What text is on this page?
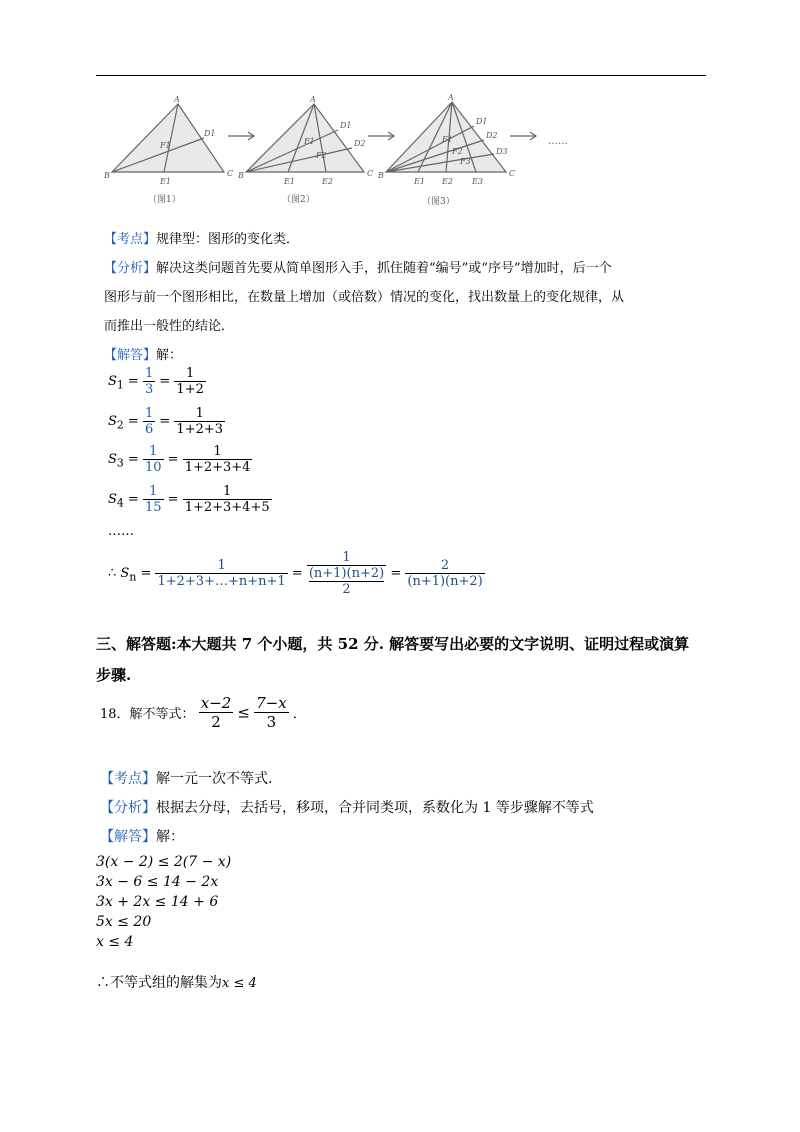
A
B	C
D1
E1
F1
A
B	C
D1
D2
E1	E2
F1
F2
A
B	C
D1
D2
D3
E1 E2 E3
F1
F2
F3
（图1）	（图2）	（图3）
……
【考点】规律型：图形的变化类．
【分析】解决这类问题首先要从简单图形入手，抓住随着“编号”或“序号”增加时，后一个
图形与前一个图形相比，在数量上增加（或倍数）情况的变化，找出数量上的变化规律，从
而推出一般性的结论．
【解答】解：
$S_1 = \frac{1}{3} = \frac{1}{1+2}$
$S_2 = \frac{1}{6} = \frac{1}{1+2+3}$
$S_3 = \frac{1}{10} = \frac{1}{1+2+3+4}$
$S_4 = \frac{1}{15} = \frac{1}{1+2+3+4+5}$
……
∴ $S_n = \frac{1}{1+2+3+\dots+n+n+1} = 1$
(n+1)(n+2)
$2 = \frac{2}{(n+1)(n+2)}$
三、解答题:本大题共 7 个小题，共 52 分. 解答要写出必要的文字说明、证明过程或演算
步骤.
18．解不等式： $\frac{x-2}{2} \le \frac{7-x}{3}$ ．
【考点】解一元一次不等式.
【分析】根据去分母，去括号，移项，合并同类项，系数化为 1 等步骤解不等式
【解答】解：
3(x − 2) ≤ 2(7 − x)
3x − 6 ≤ 14 − 2x
3x + 2x ≤ 14 + 6
5x ≤ 20
x ≤ 4
∴不等式组的解集为x ≤ 4
